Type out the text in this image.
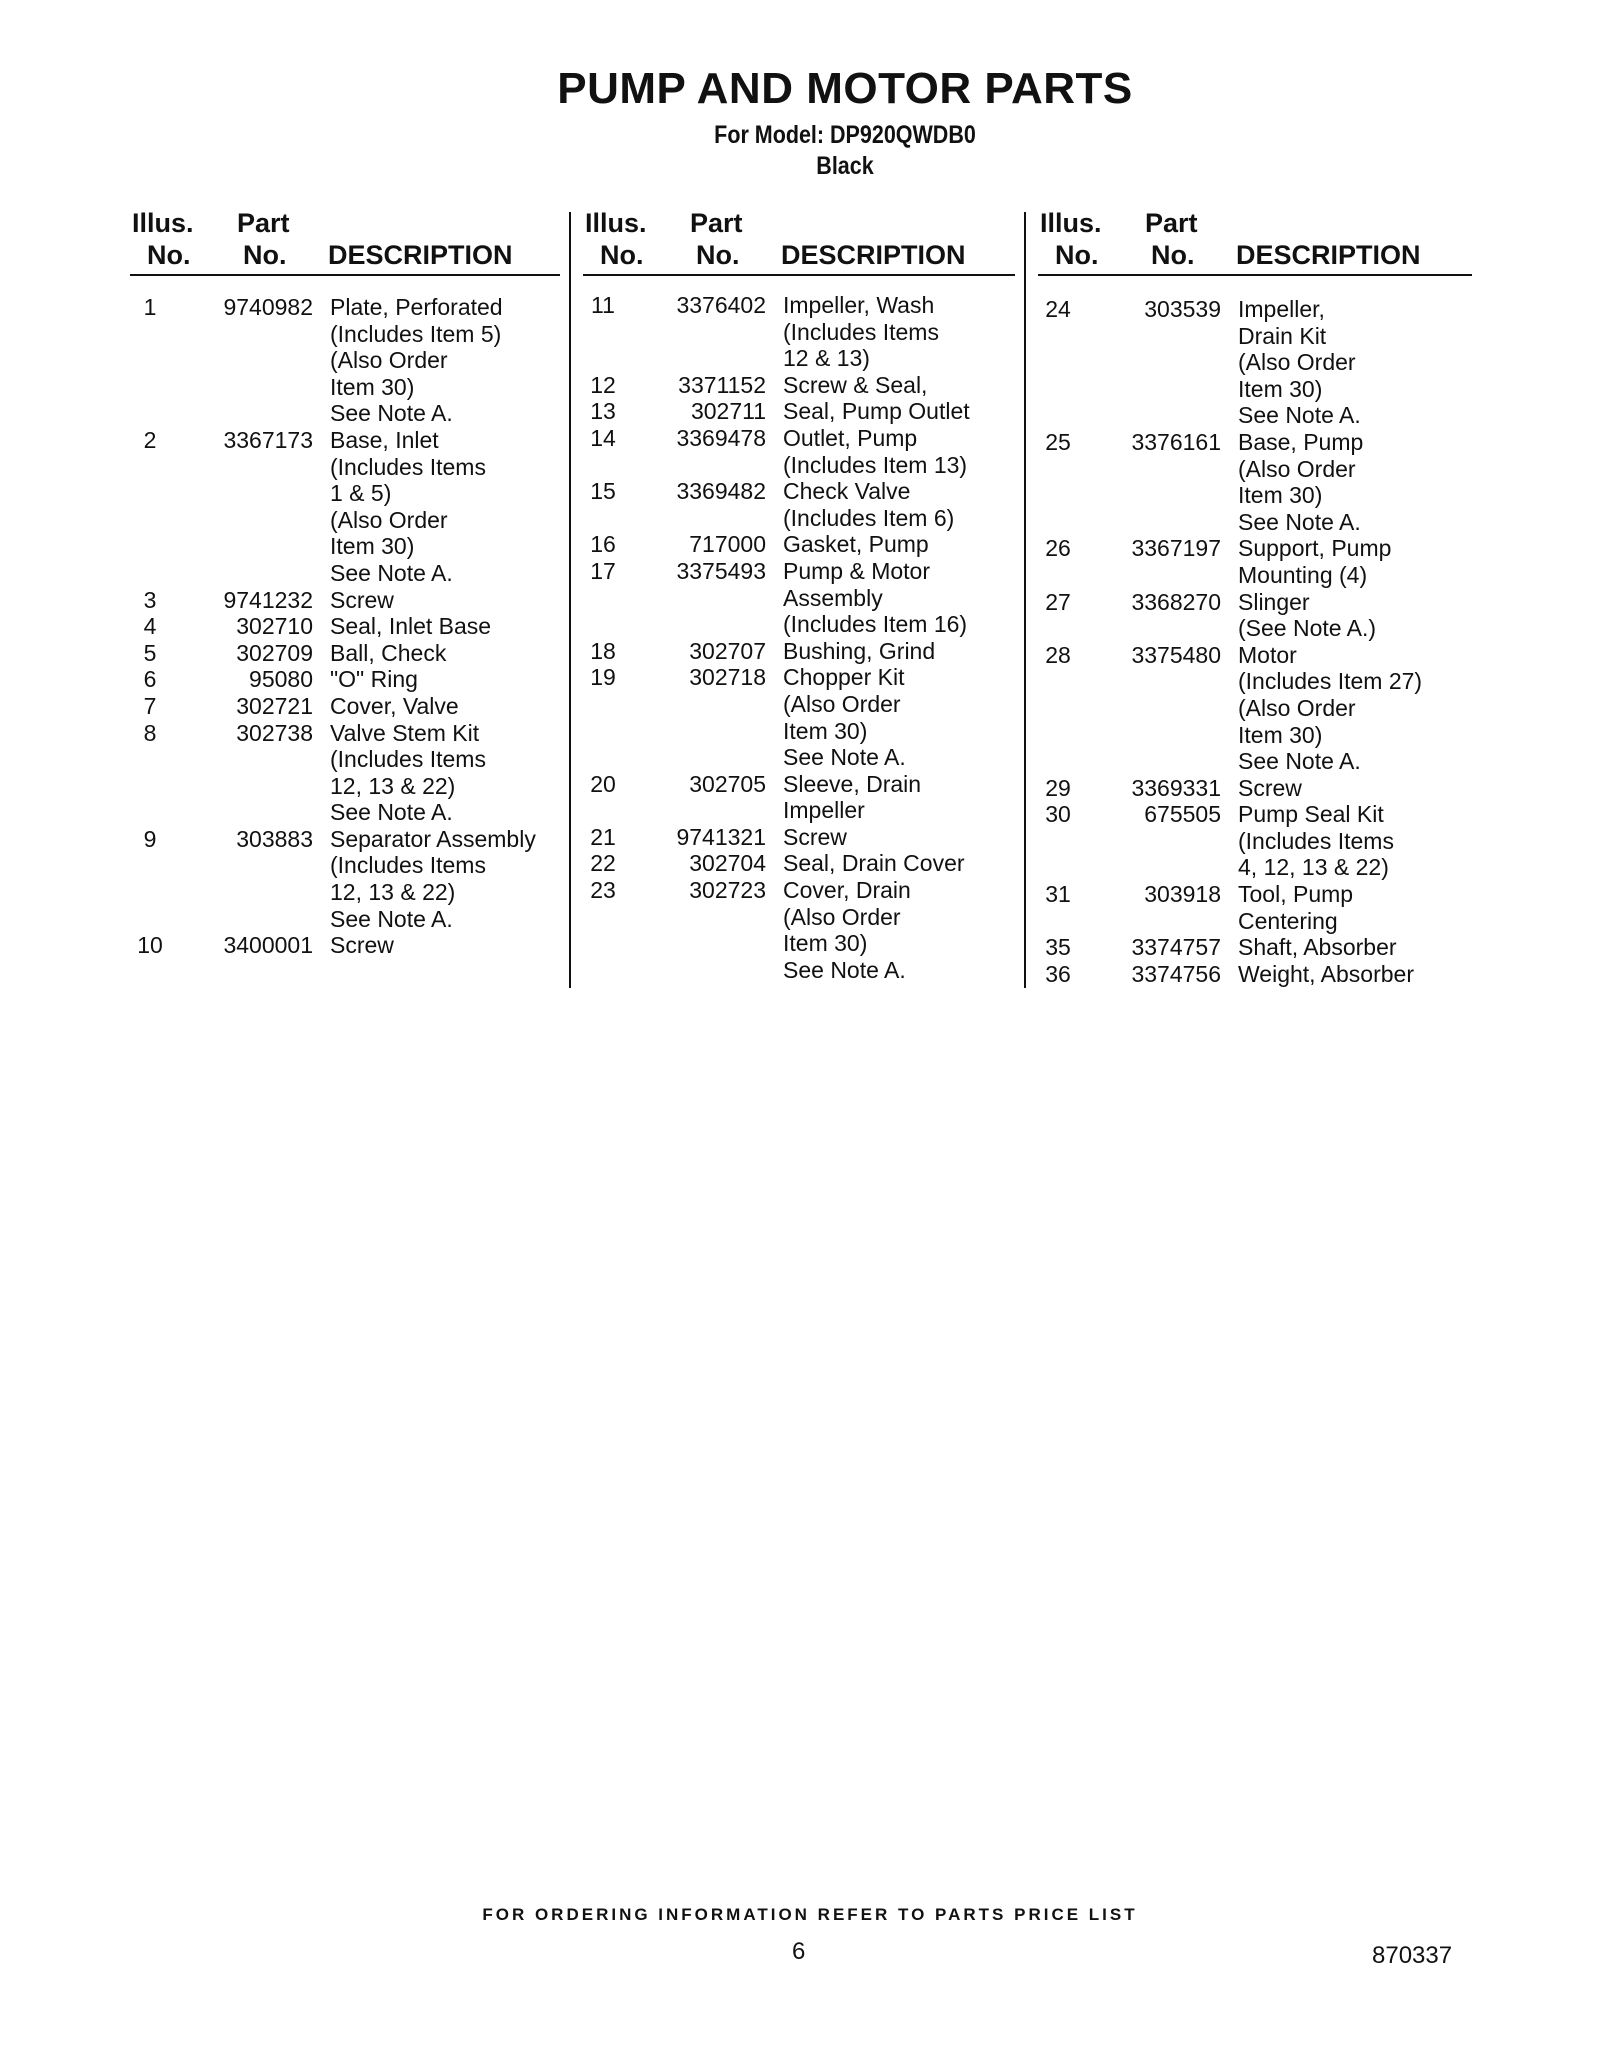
PUMP AND MOTOR PARTS
For Model: DP920QWDB0
Black
Illus.
No.
Part
No. DESCRIPTION
1	9740982 Plate, Perforated
(Includes Item 5)
(Also Order
Item 30)
See Note A.
2	3367173 Base, Inlet
(Includes Items
1 & 5)
(Also Order
Item 30)
See Note A.
3	9741232 Screw
4	302710 Seal, Inlet Base
5	302709 Ball, Check
6	95080 "O" Ring
7	302721 Cover, Valve
8	302738 Valve Stem Kit
(Includes Items
12, 13 & 22)
See Note A.
9	303883 Separator Assembly
(Includes Items
12, 13 & 22)
See Note A.
10	3400001 Screw
Illus.
No.
Part
No. DESCRIPTION
11	3376402 Impeller, Wash
(Includes Items
12 & 13)
12	3371152 Screw & Seal,
13	302711 Seal, Pump Outlet
14	3369478 Outlet, Pump
(Includes Item 13)
15	3369482 Check Valve
(Includes Item 6)
16	717000 Gasket, Pump
17	3375493 Pump & Motor
Assembly
(Includes Item 16)
18	302707 Bushing, Grind
19	302718 Chopper Kit
(Also Order
Item 30)
See Note A.
20	302705 Sleeve, Drain
Impeller
21	9741321 Screw
22	302704 Seal, Drain Cover
23	302723 Cover, Drain
(Also Order
Item 30)
See Note A.
Illus.
No.
Part
No. DESCRIPTION
24	303539 Impeller,
Drain Kit
(Also Order
Item 30)
See Note A.
25	3376161 Base, Pump
(Also Order
Item 30)
See Note A.
26	3367197 Support, Pump
Mounting (4)
27	3368270 Slinger
(See Note A.)
28	3375480 Motor
(Includes Item 27)
(Also Order
Item 30)
See Note A.
29	3369331 Screw
30	675505 Pump Seal Kit
(Includes Items
4, 12, 13 & 22)
31	303918 Tool, Pump
Centering
35	3374757 Shaft, Absorber
36	3374756 Weight, Absorber
FOR ORDERING INFORMATION REFER TO PARTS PRICE LIST
6	870337
